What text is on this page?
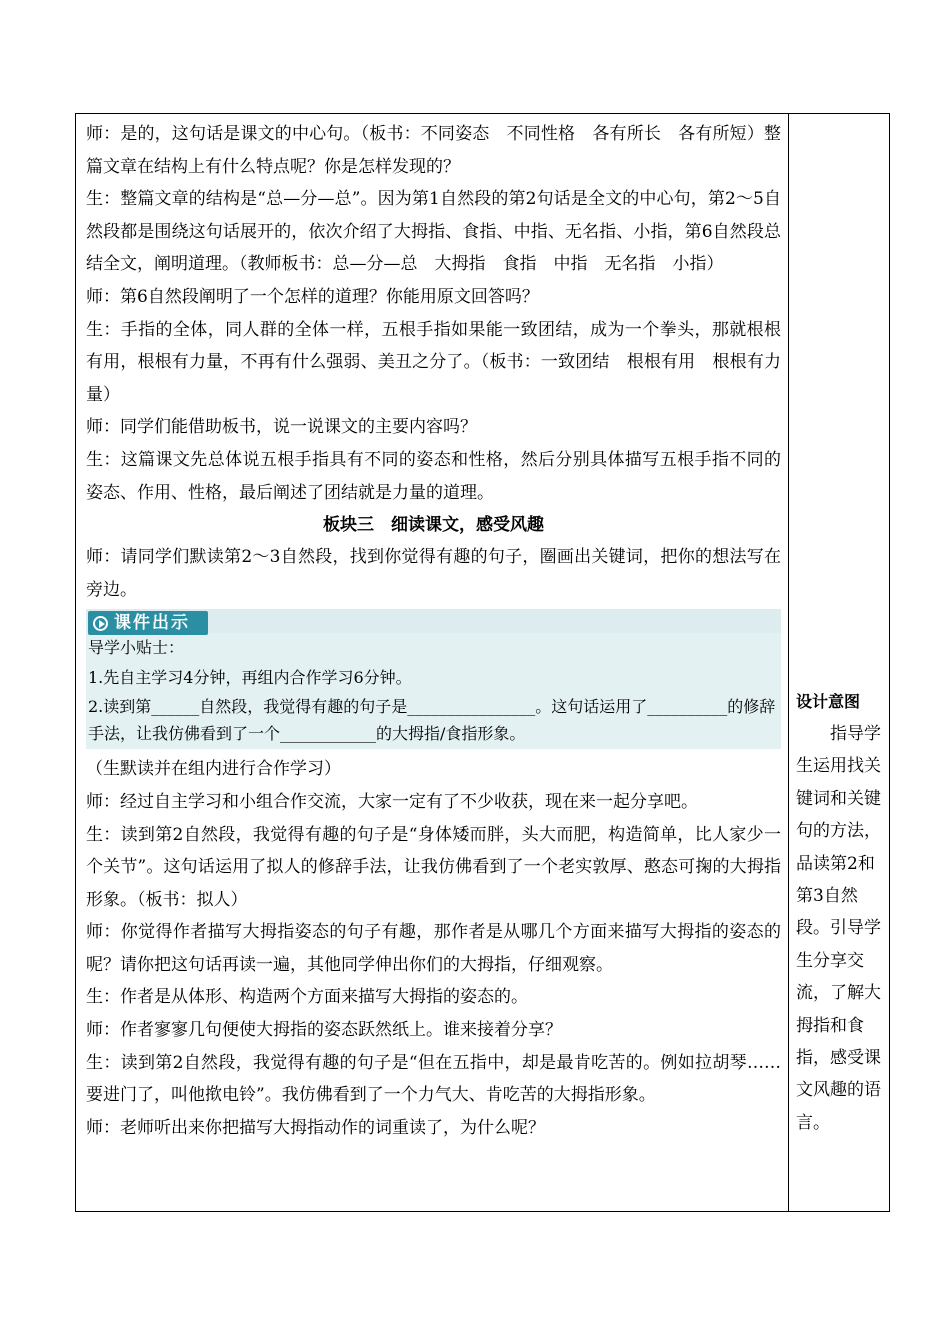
师：是的，这句话是课文的中心句。（板书：不同姿态　不同性格　各有所长　各有所短）整篇文章在结构上有什么特点呢？你是怎样发现的？

生：整篇文章的结构是“总—分—总”。因为第1自然段的第2句话是全文的中心句，第2～5自然段都是围绕这句话展开的，依次介绍了大拇指、食指、中指、无名指、小指，第6自然段总结全文，阐明道理。（教师板书：总—分—总　大拇指　食指　中指　无名指　小指）

师：第6自然段阐明了一个怎样的道理？你能用原文回答吗？

生：手指的全体，同人群的全体一样，五根手指如果能一致团结，成为一个拳头，那就根根有用，根根有力量，不再有什么强弱、美丑之分了。（板书：一致团结　根根有用　根根有力量）

师：同学们能借助板书，说一说课文的主要内容吗？

生：这篇课文先总体说五根手指具有不同的姿态和性格，然后分别具体描写五根手指不同的姿态、作用、性格，最后阐述了团结就是力量的道理。

板块三　细读课文，感受风趣

师：请同学们默读第2～3自然段，找到你觉得有趣的句子，圈画出关键词，把你的想法写在旁边。

课件出示

导学小贴士：

1.先自主学习4分钟，再组内合作学习6分钟。

2.读到第______自然段，我觉得有趣的句子是________________。这句话运用了__________的修辞手法，让我仿佛看到了一个____________的大拇指/食指形象。

（生默读并在组内进行合作学习）

师：经过自主学习和小组合作交流，大家一定有了不少收获，现在来一起分享吧。

生：读到第2自然段，我觉得有趣的句子是“身体矮而胖，头大而肥，构造简单，比人家少一个关节”。这句话运用了拟人的修辞手法，让我仿佛看到了一个老实敦厚、憨态可掬的大拇指形象。（板书：拟人）

师：你觉得作者描写大拇指姿态的句子有趣，那作者是从哪几个方面来描写大拇指的姿态的呢？请你把这句话再读一遍，其他同学伸出你们的大拇指，仔细观察。

生：作者是从体形、构造两个方面来描写大拇指的姿态的。

师：作者寥寥几句便使大拇指的姿态跃然纸上。谁来接着分享？

生：读到第2自然段，我觉得有趣的句子是“但在五指中，却是最肯吃苦的。例如拉胡琴……要进门了，叫他揿电铃”。我仿佛看到了一个力气大、肯吃苦的大拇指形象。

师：老师听出来你把描写大拇指动作的词重读了，为什么呢？

设计意图

指导学生运用找关键词和关键句的方法，品读第2和第3自然段。引导学生分享交流，了解大拇指和食指，感受课文风趣的语言。
